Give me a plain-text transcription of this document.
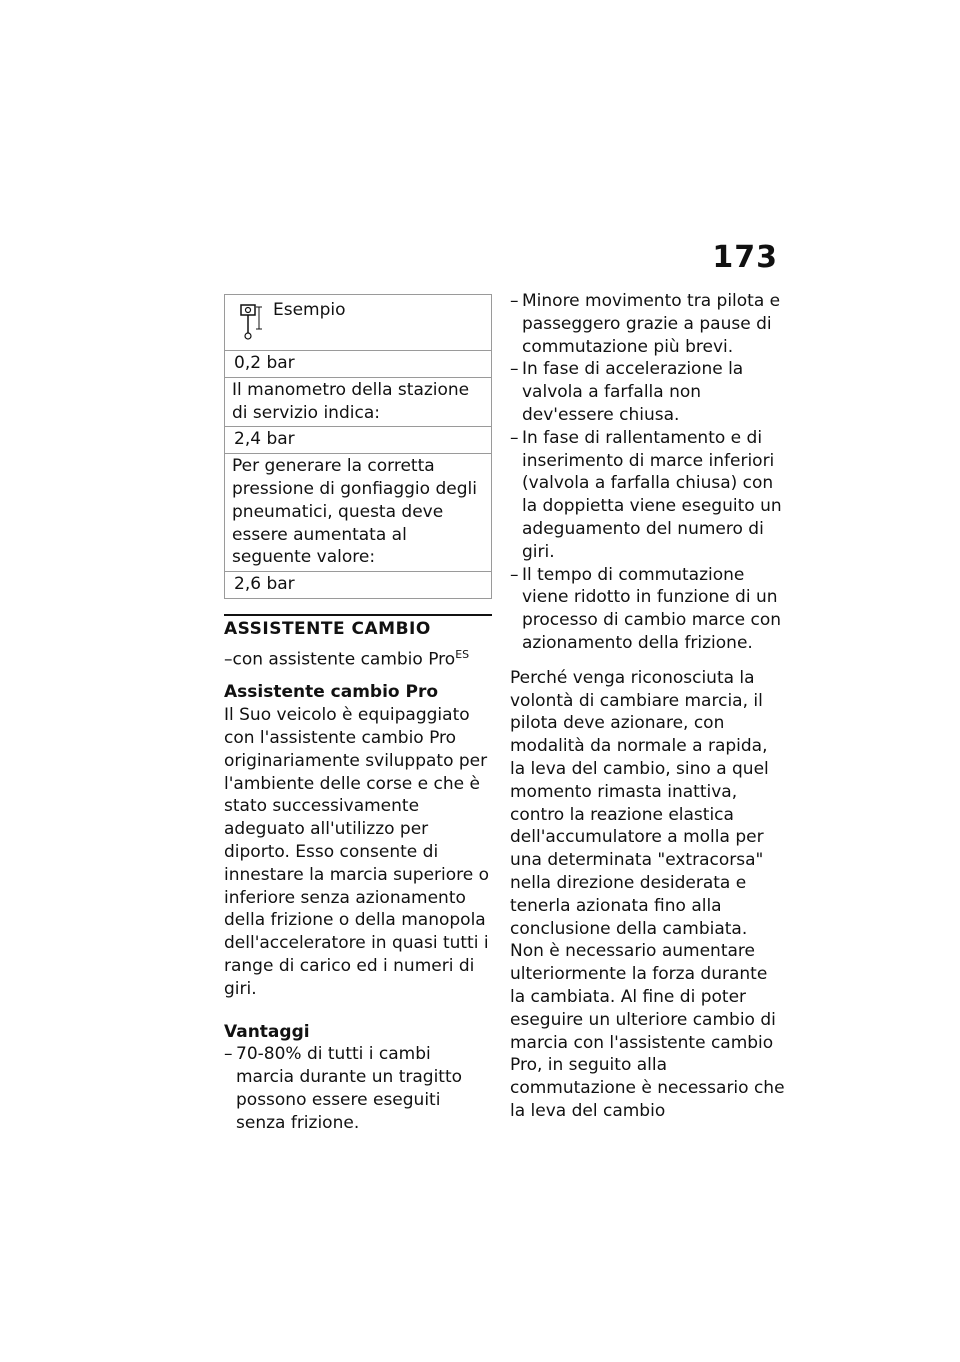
173
Esempio
0,2 bar
Il manometro della stazione di servizio indica:
2,4 bar
Per generare la corretta pressione di gonfiaggio degli pneumatici, questa deve essere aumentata al seguente valore:
2,6 bar
ASSISTENTE CAMBIO
–con assistente cambio Pro$^{ES}$
Assistente cambio Pro
Il Suo veicolo è equipaggiato con l'assistente cambio Pro originariamente sviluppato per l'ambiente delle corse e che è stato successivamente adeguato all'utilizzo per diporto. Esso consente di innestare la marcia superiore o inferiore senza azionamento della frizione o della manopola dell'acceleratore in quasi tutti i range di carico ed i numeri di giri.
Vantaggi
– 70-80% di tutti i cambi marcia durante un tragitto possono essere eseguiti senza frizione.
– Minore movimento tra pilota e passeggero grazie a pause di commutazione più brevi.
– In fase di accelerazione la valvola a farfalla non dev'essere chiusa.
– In fase di rallentamento e di inserimento di marce inferiori (valvola a farfalla chiusa) con la doppietta viene eseguito un adeguamento del numero di giri.
– Il tempo di commutazione viene ridotto in funzione di un processo di cambio marce con azionamento della frizione.
Perché venga riconosciuta la volontà di cambiare marcia, il pilota deve azionare, con modalità da normale a rapida, la leva del cambio, sino a quel momento rimasta inattiva, contro la reazione elastica dell'accumulatore a molla per una determinata "extracorsa" nella direzione desiderata e tenerla azionata fino alla conclusione della cambiata. Non è necessario aumentare ulteriormente la forza durante la cambiata. Al fine di poter eseguire un ulteriore cambio di marcia con l'assistente cambio Pro, in seguito alla commutazione è necessario che la leva del cambio
